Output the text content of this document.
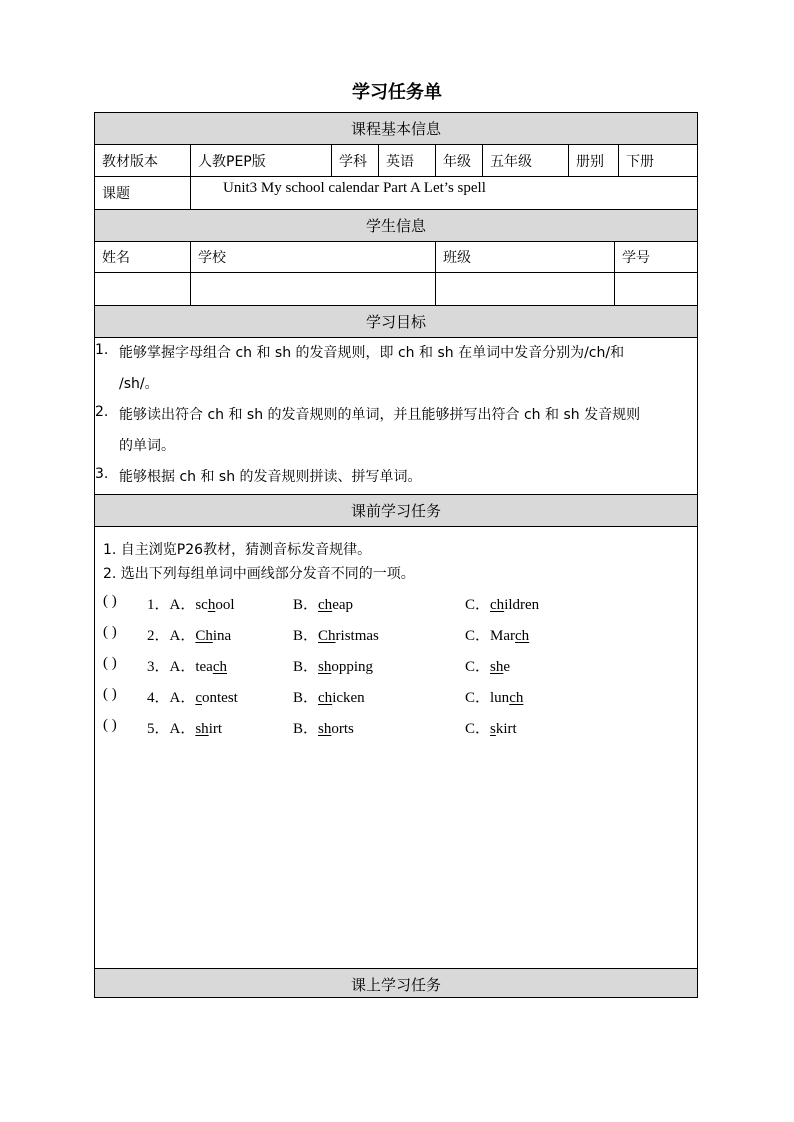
学习任务单
课程基本信息
教材版本	人教PEP版	学科	英语	年级	五年级	册别	下册
课题	Unit3 My school calendar Part A Let’s spell
学生信息
姓名	学校	班级	学号
学习目标
1. 能够掌握字母组合 ch 和 sh 的发音规则，即 ch 和 sh 在单词中发音分别为/ch/和
/sh/。
2. 能够读出符合 ch 和 sh 的发音规则的单词，并且能够拼写出符合 ch 和 sh 发音规则
的单词。
3. 能够根据 ch 和 sh 的发音规则拼读、拼写单词。
课前学习任务
1. 自主浏览P26教材，猜测音标发音规律。
2. 选出下列每组单词中画线部分发音不同的一项。
( ) 1．A．school	B．cheap	C．children
( ) 2．A．China	B．Christmas	C．March
( ) 3．A．teach	B．shopping	C．she
( ) 4．A．contest	B．chicken	C．lunch
( ) 5．A．shirt	B．shorts	C．skirt
课上学习任务
